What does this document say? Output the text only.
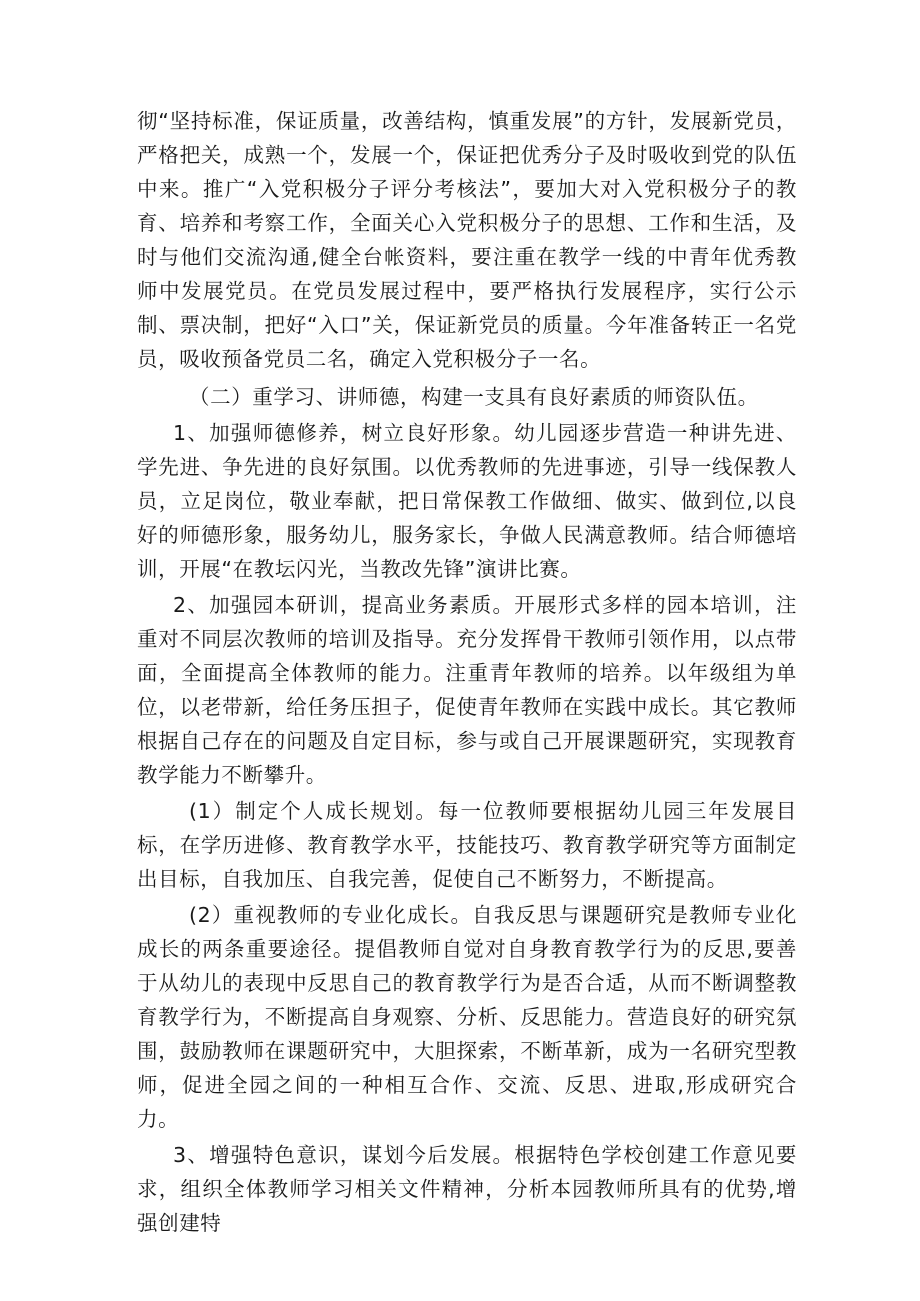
彻“坚持标准，保证质量，改善结构，慎重发展”的方针，发展新党员，严格把关，成熟一个，发展一个，保证把优秀分子及时吸收到党的队伍中来。推广“入党积极分子评分考核法”，要加大对入党积极分子的教育、培养和考察工作，全面关心入党积极分子的思想、工作和生活，及时与他们交流沟通,健全台帐资料，要注重在教学一线的中青年优秀教师中发展党员。在党员发展过程中，要严格执行发展程序，实行公示制、票决制，把好“入口”关，保证新党员的质量。今年准备转正一名党员，吸收预备党员二名，确定入党积极分子一名。

（二）重学习、讲师德，构建一支具有良好素质的师资队伍。

1、加强师德修养，树立良好形象。幼儿园逐步营造一种讲先进、学先进、争先进的良好氛围。以优秀教师的先进事迹，引导一线保教人员，立足岗位，敬业奉献，把日常保教工作做细、做实、做到位,以良好的师德形象，服务幼儿，服务家长，争做人民满意教师。结合师德培训，开展“在教坛闪光，当教改先锋”演讲比赛。

2、加强园本研训，提高业务素质。开展形式多样的园本培训，注重对不同层次教师的培训及指导。充分发挥骨干教师引领作用，以点带面，全面提高全体教师的能力。注重青年教师的培养。以年级组为单位，以老带新，给任务压担子，促使青年教师在实践中成长。其它教师根据自己存在的问题及自定目标，参与或自己开展课题研究，实现教育教学能力不断攀升。

(1）制定个人成长规划。每一位教师要根据幼儿园三年发展目标，在学历进修、教育教学水平，技能技巧、教育教学研究等方面制定出目标，自我加压、自我完善，促使自己不断努力，不断提高。

(2）重视教师的专业化成长。自我反思与课题研究是教师专业化成长的两条重要途径。提倡教师自觉对自身教育教学行为的反思,要善于从幼儿的表现中反思自己的教育教学行为是否合适，从而不断调整教育教学行为，不断提高自身观察、分析、反思能力。营造良好的研究氛围，鼓励教师在课题研究中，大胆探索，不断革新，成为一名研究型教师，促进全园之间的一种相互合作、交流、反思、进取,形成研究合力。

3、增强特色意识，谋划今后发展。根据特色学校创建工作意见要求，组织全体教师学习相关文件精神，分析本园教师所具有的优势,增强创建特
